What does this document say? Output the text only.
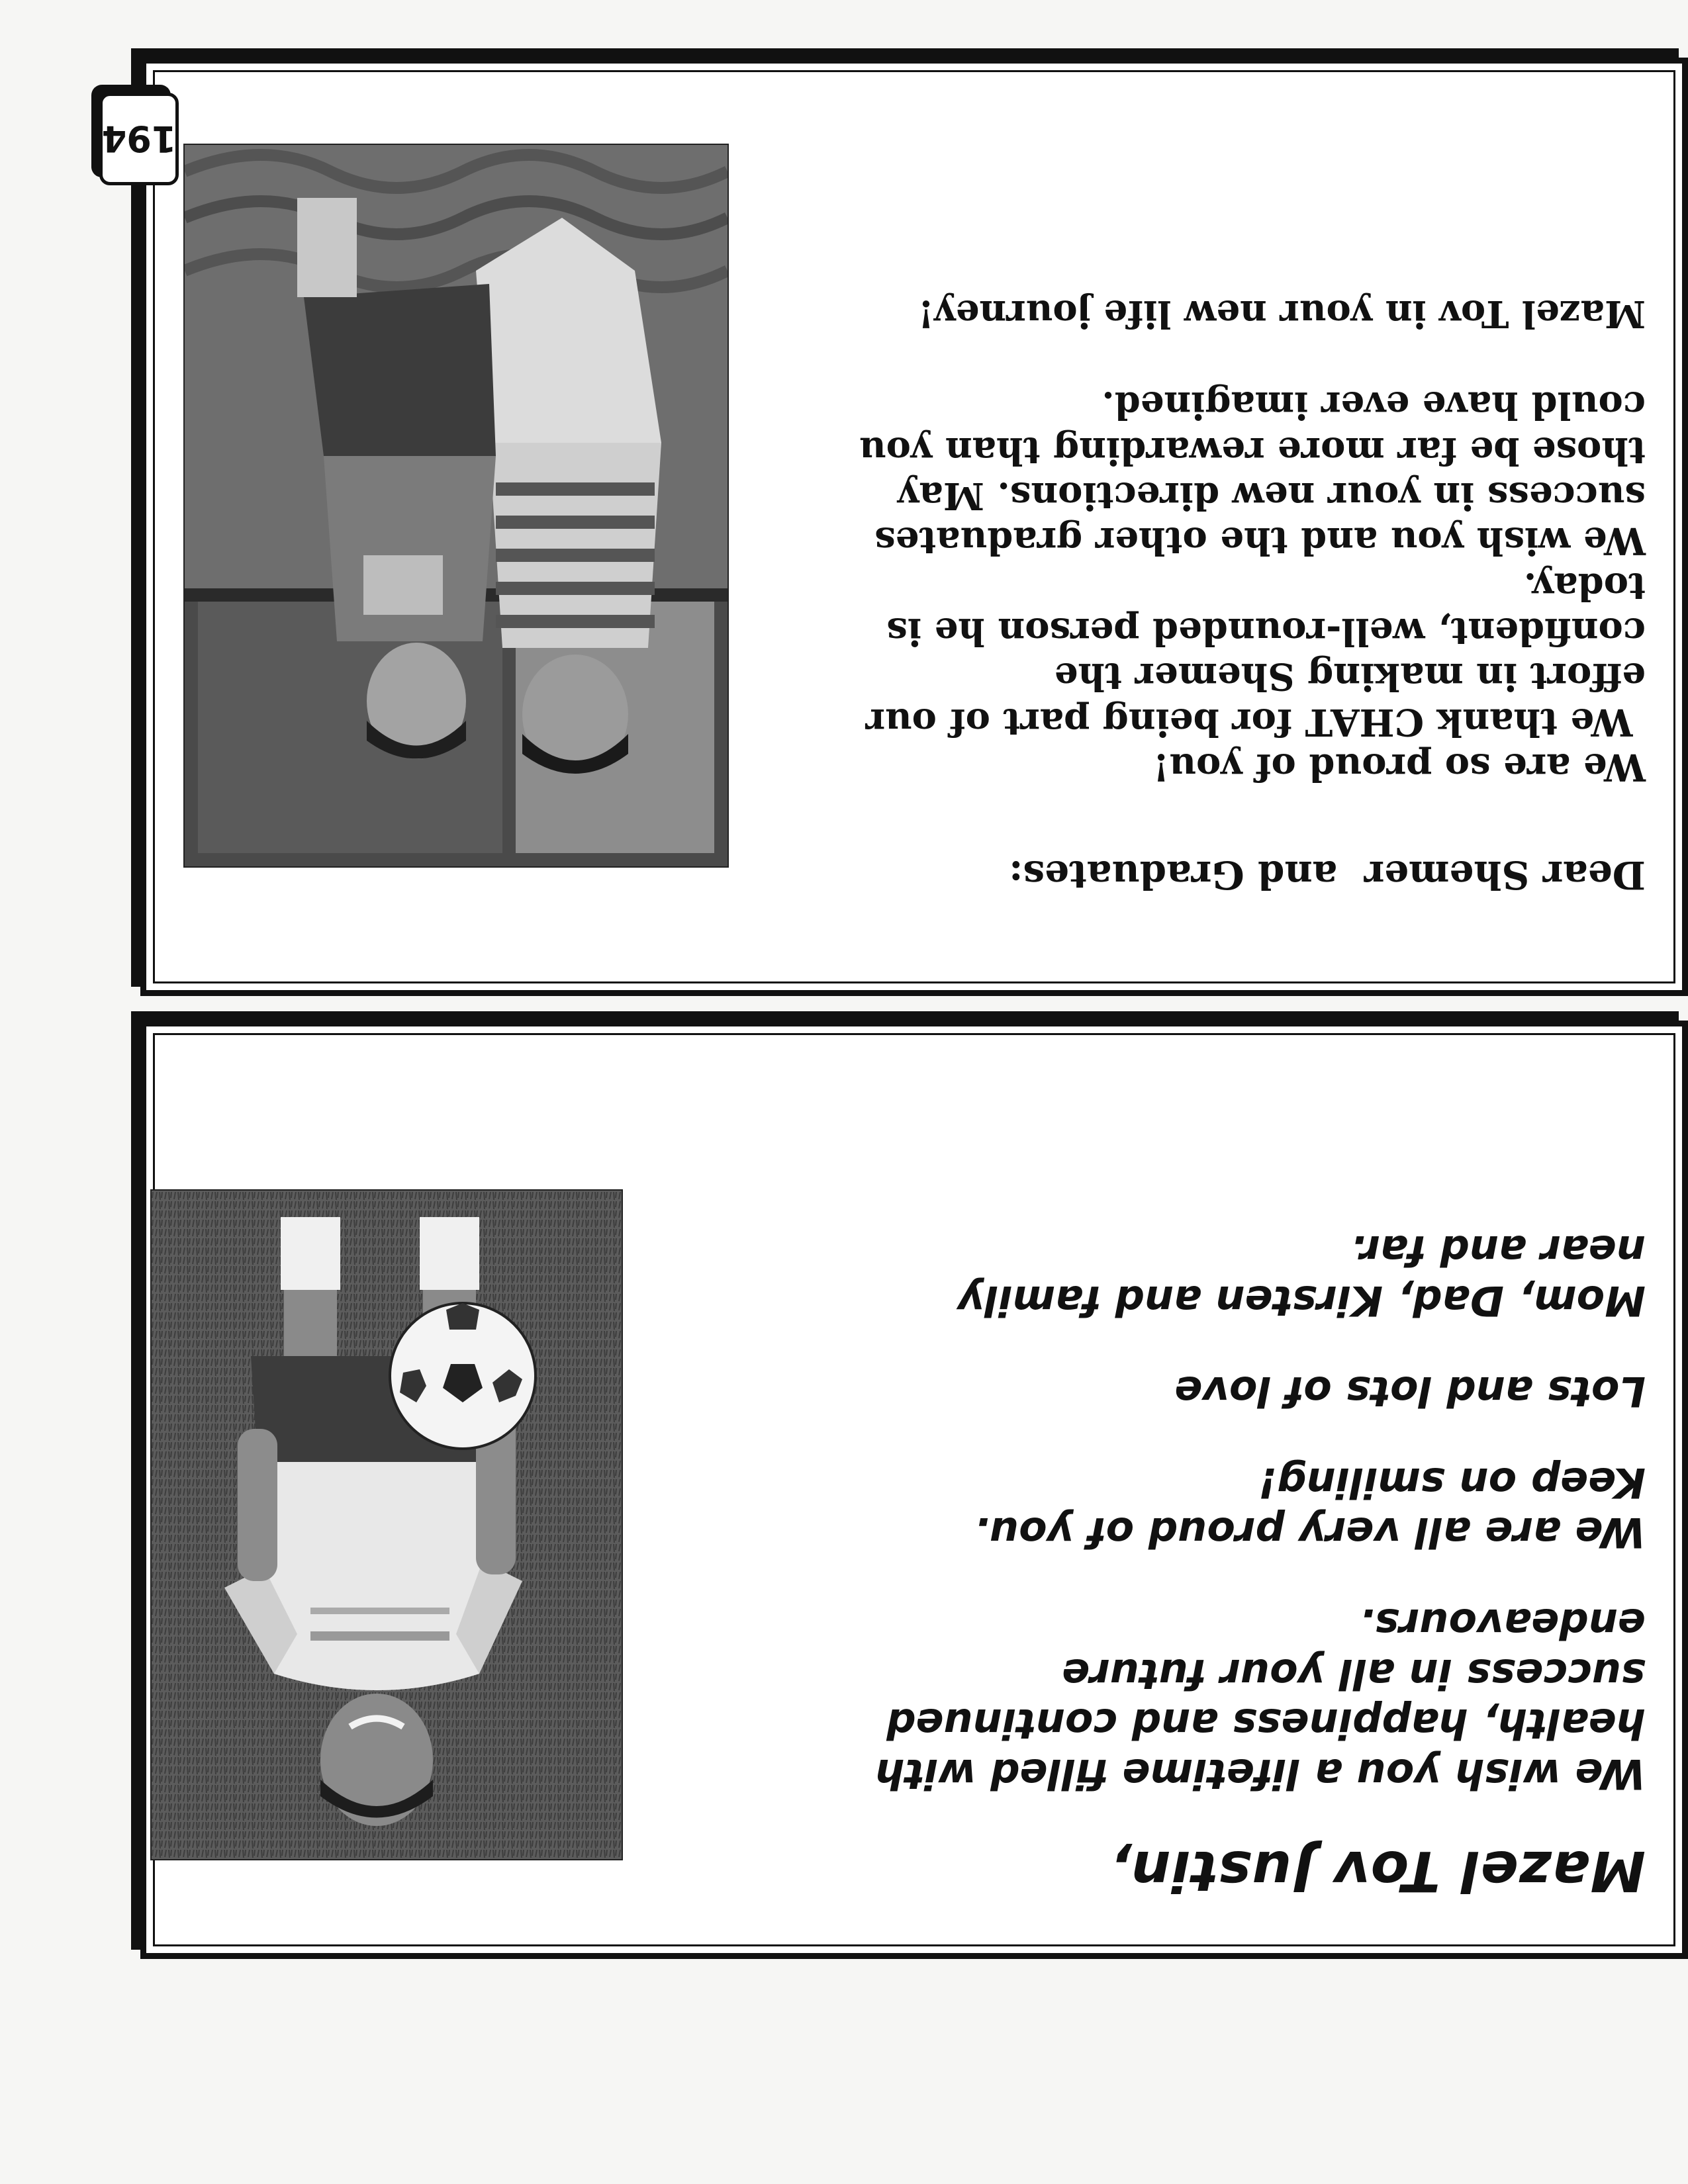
Mazel Tov Justin,

We wish you a lifetime filled with

health, happiness and continued

success in all your future

endeavours.

We are all very proud of you.

Keep on smiling!

Lots and lots of love

Mom, Dad, Kirsten and family

near and far.

Dear Shemer  and Graduates:

We are so proud of you!

We thank CHAT for being part of our

effort in making Shemer the

confident, well-rounded person he is

today.

We wish you and the other graduates

success in your new directions. May

those be far more rewarding than you

could have ever imagined.

Mazel Tov in your new life journey!

194
